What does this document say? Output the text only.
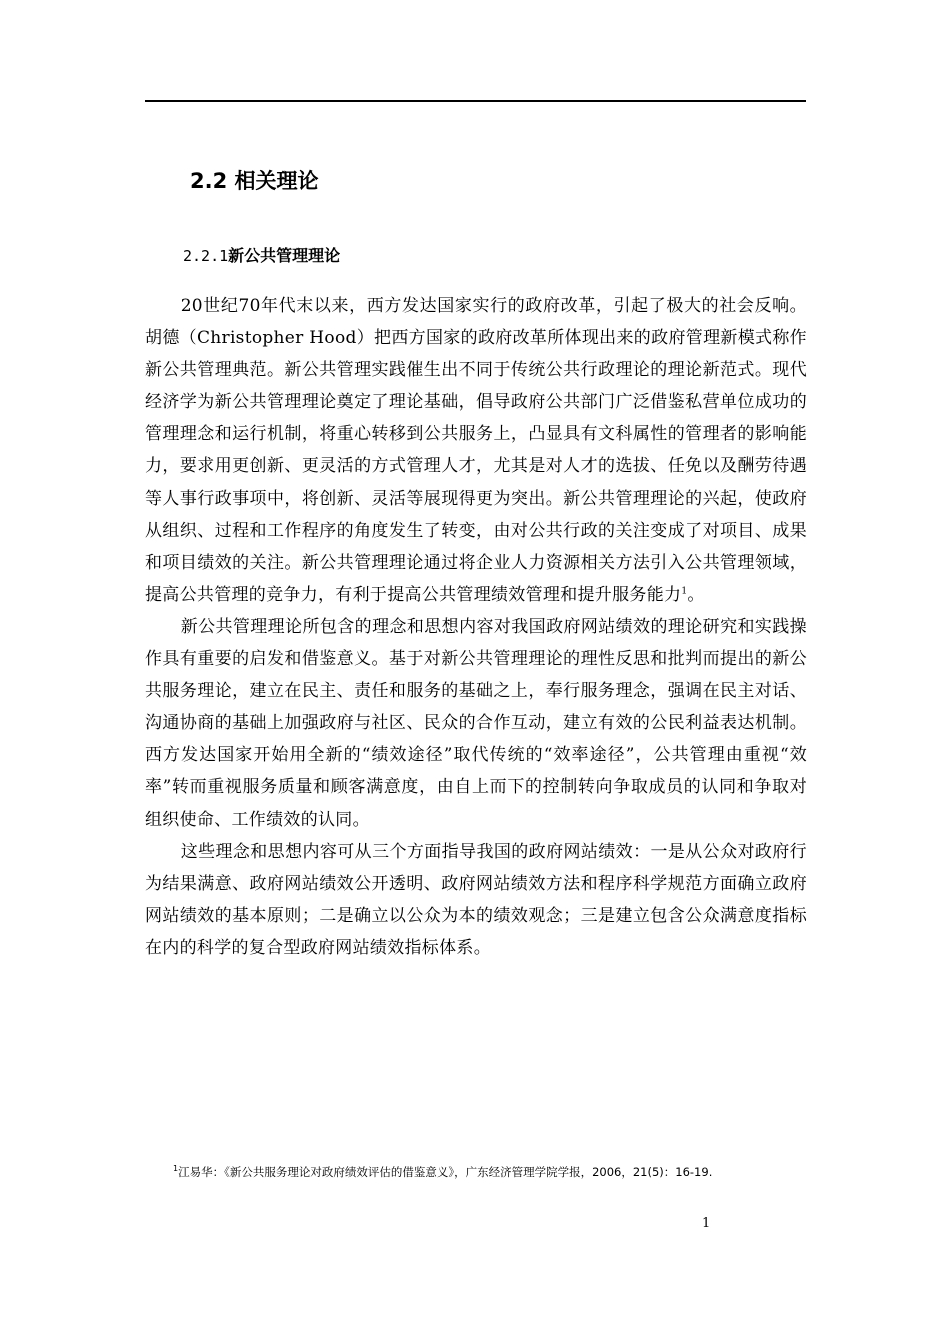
2.2 相关理论
2.2.1新公共管理理论

20世纪70年代末以来，西方发达国家实行的政府改革，引起了极大的社会反响。胡德（Christopher Hood）把西方国家的政府改革所体现出来的政府管理新模式称作新公共管理典范。新公共管理实践催生出不同于传统公共行政理论的理论新范式。现代经济学为新公共管理理论奠定了理论基础，倡导政府公共部门广泛借鉴私营单位成功的管理理念和运行机制，将重心转移到公共服务上，凸显具有文科属性的管理者的影响能力，要求用更创新、更灵活的方式管理人才，尤其是对人才的选拔、任免以及酬劳待遇等人事行政事项中，将创新、灵活等展现得更为突出。新公共管理理论的兴起，使政府从组织、过程和工作程序的角度发生了转变，由对公共行政的关注变成了对项目、成果和项目绩效的关注。新公共管理理论通过将企业人力资源相关方法引入公共管理领域，提高公共管理的竞争力，有利于提高公共管理绩效管理和提升服务能力$^1$。

新公共管理理论所包含的理念和思想内容对我国政府网站绩效的理论研究和实践操作具有重要的启发和借鉴意义。基于对新公共管理理论的理性反思和批判而提出的新公共服务理论，建立在民主、责任和服务的基础之上，奉行服务理念，强调在民主对话、沟通协商的基础上加强政府与社区、民众的合作互动，建立有效的公民利益表达机制。西方发达国家开始用全新的“绩效途径”取代传统的“效率途径”，公共管理由重视“效率”转而重视服务质量和顾客满意度，由自上而下的控制转向争取成员的认同和争取对组织使命、工作绩效的认同。

这些理念和思想内容可从三个方面指导我国的政府网站绩效：一是从公众对政府行为结果满意、政府网站绩效公开透明、政府网站绩效方法和程序科学规范方面确立政府网站绩效的基本原则；二是确立以公众为本的绩效观念；三是建立包含公众满意度指标在内的科学的复合型政府网站绩效指标体系。

$^1$江易华：《新公共服务理论对政府绩效评估的借鉴意义》，广东经济管理学院学报，2006，21(5)：16-19.
1
